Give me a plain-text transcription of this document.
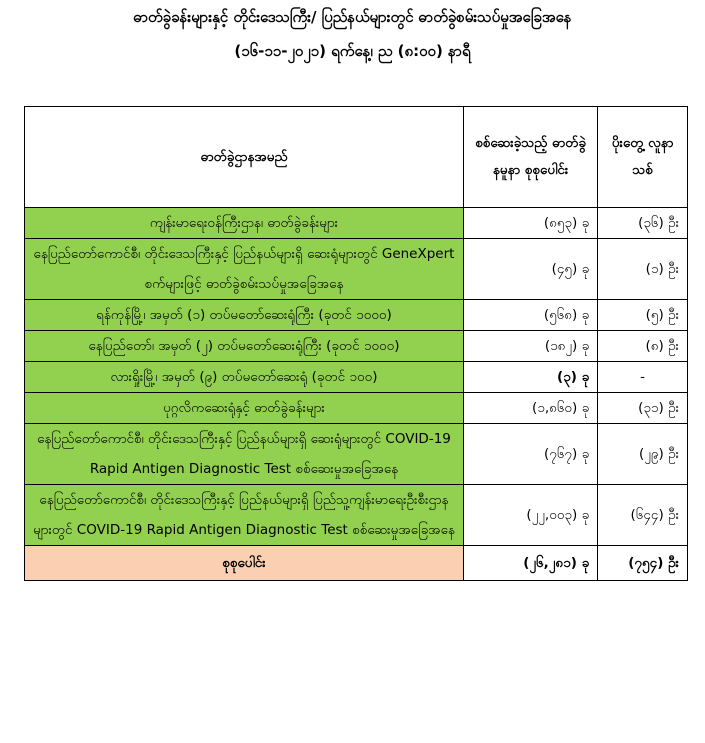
ဓာတ်ခွဲခန်းများနှင့် တိုင်းဒေသကြီး/ ပြည်နယ်များတွင် ဓာတ်ခွဲစမ်းသပ်မှုအခြေအနေ
(၁၆-၁၁-၂၀၂၁) ရက်နေ့၊ ည (၈:၀၀) နာရီ
ဓာတ်ခွဲဌာနအမည်	စစ်ဆေးခဲ့သည့် ဓာတ်ခွဲနမူနာ စုစုပေါင်း	ပိုးတွေ့ လူနာသစ်
ကျန်းမာရေးဝန်ကြီးဌာန၊ ဓာတ်ခွဲခန်းများ	(၈၅၃) ခု	(၃၆) ဦး
နေပြည်တော်ကောင်စီ၊ တိုင်းဒေသကြီးနှင့် ပြည်နယ်များရှိ ဆေးရုံများတွင် GeneXpert စက်များဖြင့် ဓာတ်ခွဲစမ်းသပ်မှုအခြေအနေ	(၄၅) ခု	(၁) ဦး
ရန်ကုန်မြို့၊ အမှတ် (၁) တပ်မတော်ဆေးရုံကြီး (ခုတင် ၁၀၀၀)	(၅၆၈) ခု	(၅) ဦး
နေပြည်တော်၊ အမှတ် (၂) တပ်မတော်ဆေးရုံကြီး (ခုတင် ၁၀၀၀)	(၁၈၂) ခု	(၈) ဦး
လားရှိုးမြို့၊ အမှတ် (၉) တပ်မတော်ဆေးရုံ (ခုတင် ၁၀၀)	(၃) ခု	-
ပုဂ္ဂလိကဆေးရုံနှင့် ဓာတ်ခွဲခန်းများ	(၁,၈၆၀) ခု	(၃၁) ဦး
နေပြည်တော်ကောင်စီ၊ တိုင်းဒေသကြီးနှင့် ပြည်နယ်များရှိ ဆေးရုံများတွင် COVID-19 Rapid Antigen Diagnostic Test စစ်ဆေးမှုအခြေအနေ	(၇၆၇) ခု	(၂၉) ဦး
နေပြည်တော်ကောင်စီ၊ တိုင်းဒေသကြီးနှင့် ပြည်နယ်များရှိ ပြည်သူ့ကျန်းမာရေးဦးစီးဌာနများတွင် COVID-19 Rapid Antigen Diagnostic Test စစ်ဆေးမှုအခြေအနေ	(၂၂,၀၀၃) ခု	(၆၄၄) ဦး
စုစုပေါင်း	(၂၆,၂၈၁) ခု	(၇၅၄) ဦး
